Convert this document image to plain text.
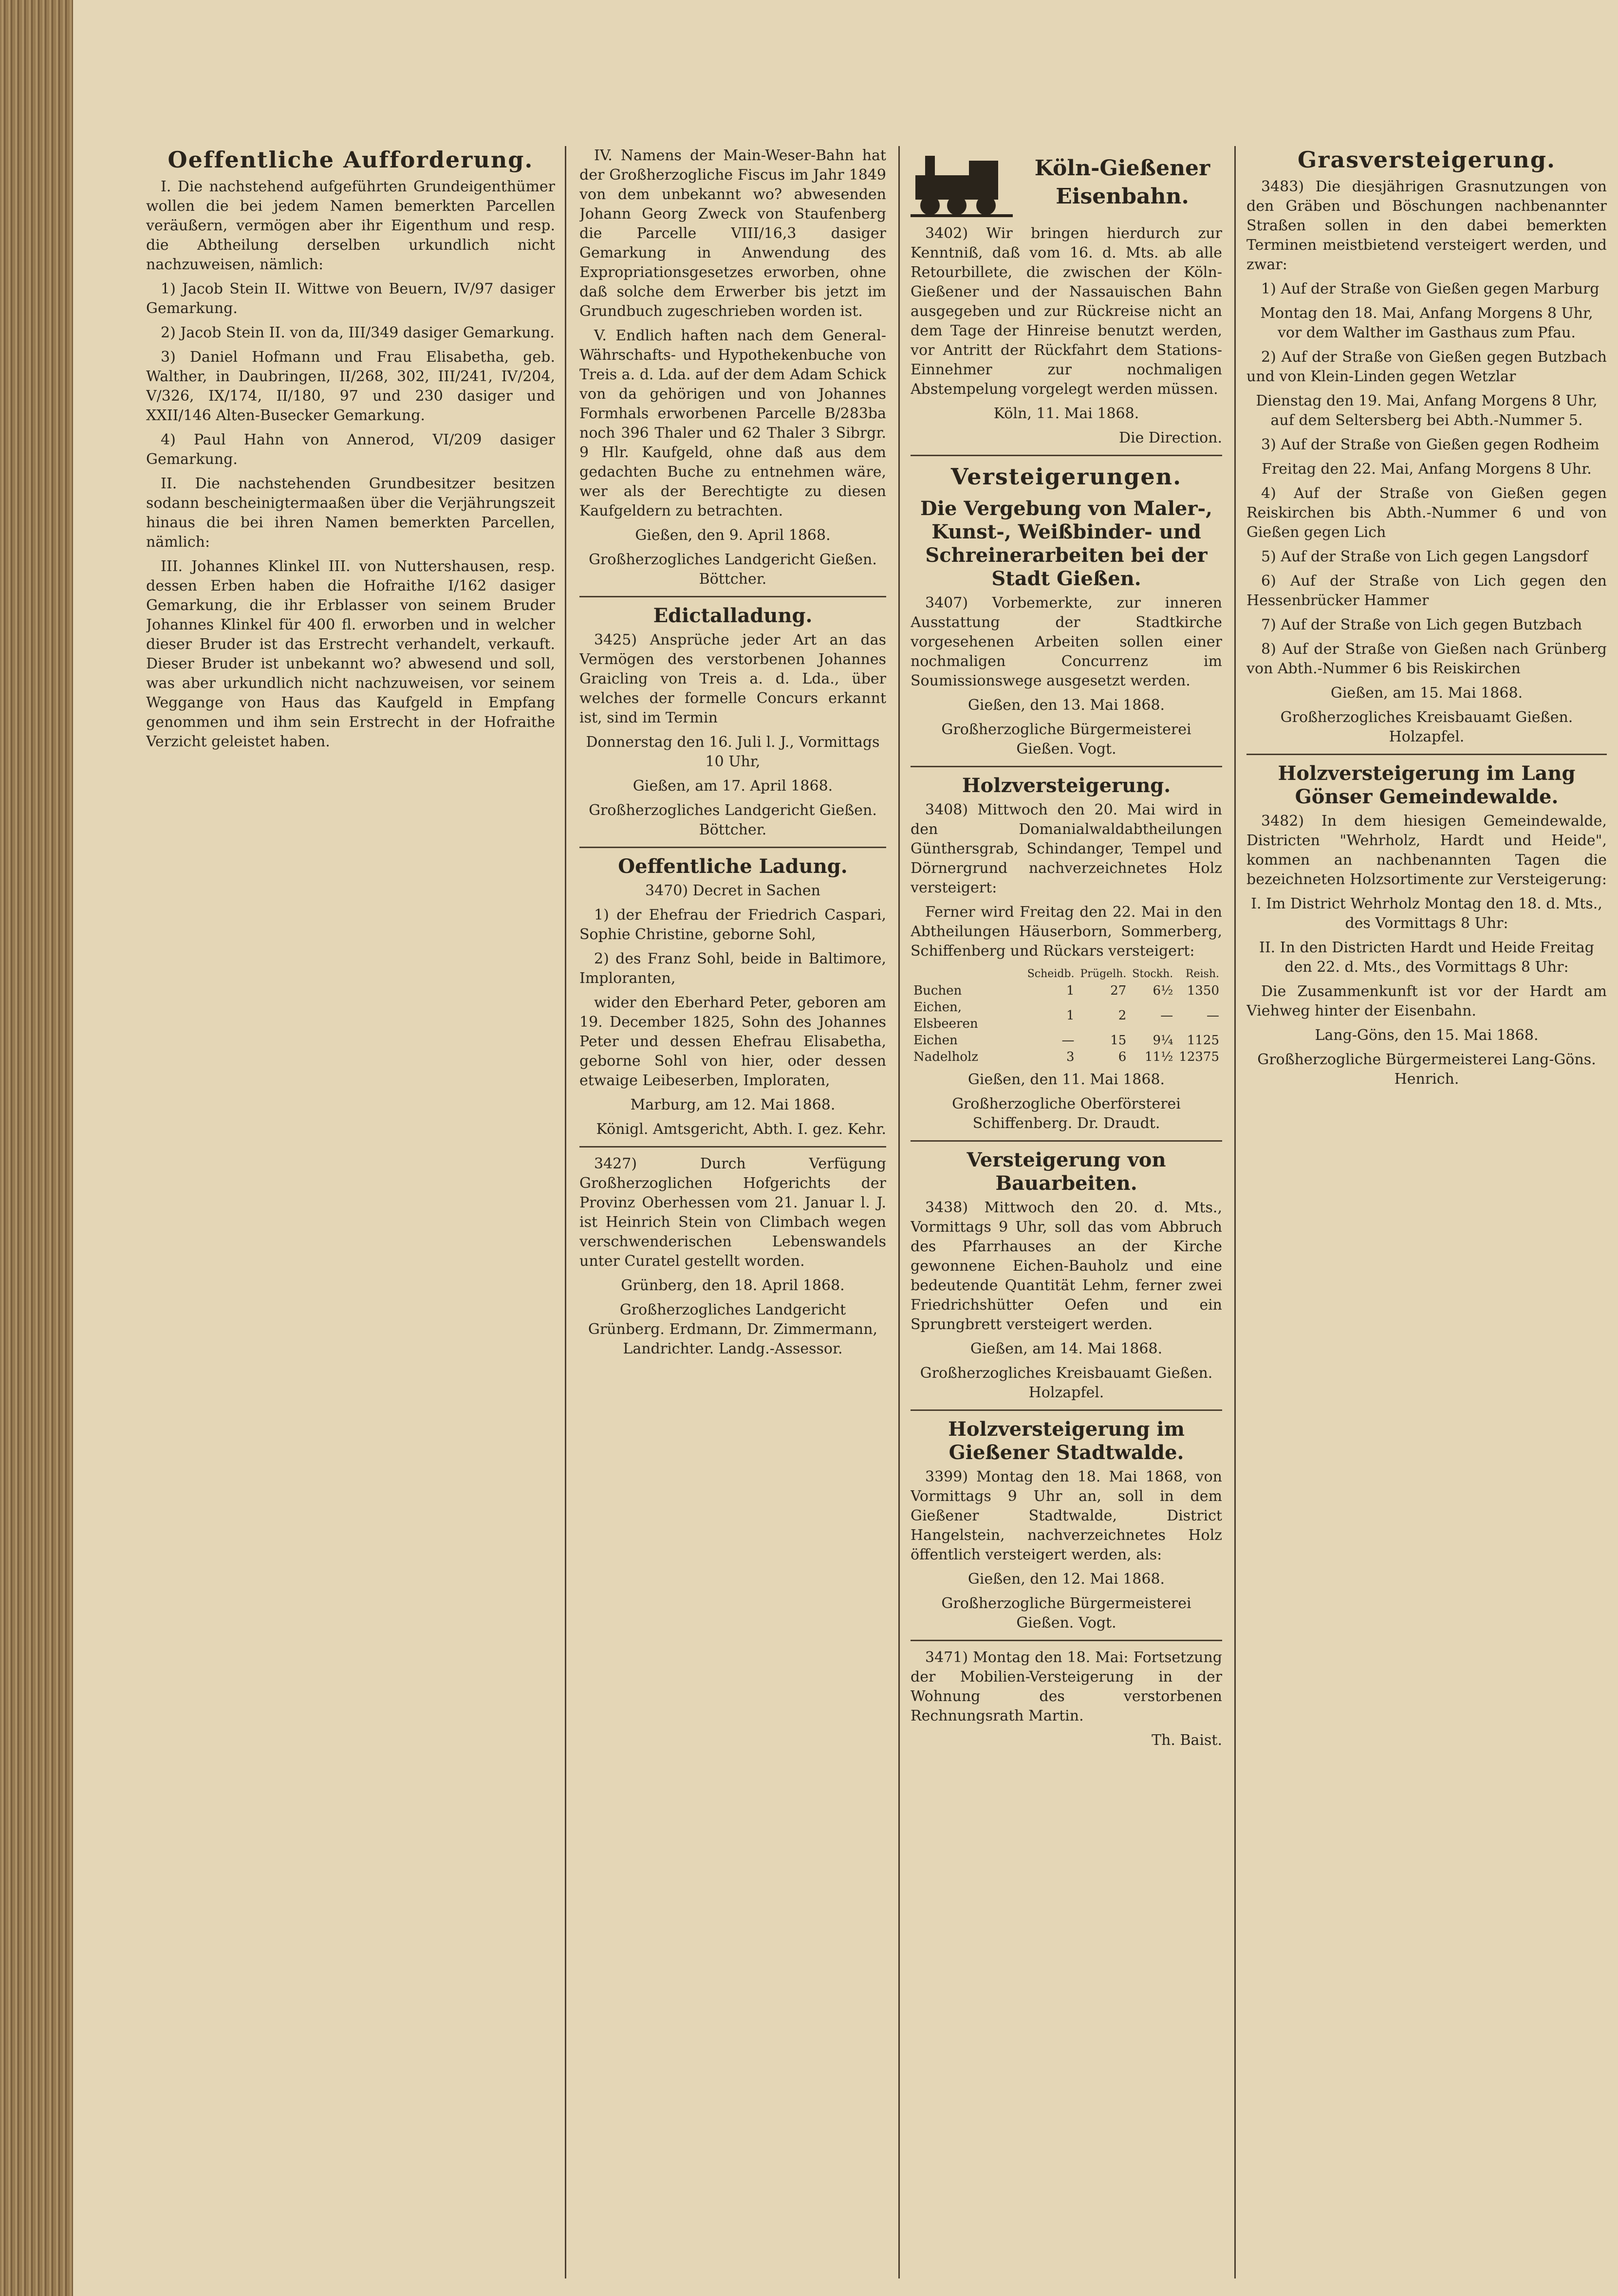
Oeffentliche Aufforderung.

I. Die nachstehend aufgeführten Grundeigenthümer wollen die bei jedem Namen bemerkten Parcellen veräußern, vermögen aber ihr Eigenthum und resp. die Abtheilung derselben urkundlich nicht nachzuweisen, nämlich:

1) Jacob Stein II. Wittwe von Beuern, IV/97 dasiger Gemarkung.

2) Jacob Stein II. von da, III/349 dasiger Gemarkung.

3) Daniel Hofmann und Frau Elisabetha, geb. Walther, in Daubringen, II/268, 302, III/241, IV/204, V/326, IX/174, II/180, 97 und 230 dasiger und XXII/146 Alten-Busecker Gemarkung.

4) Paul Hahn von Annerod, VI/209 dasiger Gemarkung.

II. Die nachstehenden Grundbesitzer besitzen sodann bescheinigtermaaßen über die Verjährungszeit hinaus die bei ihren Namen bemerkten Parcellen, nämlich:

III. Johannes Klinkel III. von Nuttershausen, resp. dessen Erben haben die Hofraithe I/162 dasiger Gemarkung, die ihr Erblasser von seinem Bruder Johannes Klinkel für 400 fl. erworben und in welcher dieser Bruder ist das Erstrecht verhandelt, verkauft. Dieser Bruder ist unbekannt wo? abwesend und soll, was aber urkundlich nicht nachzuweisen, vor seinem Weggange von Haus das Kaufgeld in Empfang genommen und ihm sein Erstrecht in der Hofraithe Verzicht geleistet haben.

IV. Namens der Main-Weser-Bahn hat der Großherzogliche Fiscus im Jahr 1849 von dem unbekannt wo? abwesenden Johann Georg Zweck von Staufenberg die Parcelle VIII/16,3 dasiger Gemarkung in Anwendung des Expropriationsgesetzes erworben, ohne daß solche dem Erwerber bis jetzt im Grundbuch zugeschrieben worden ist.

V. Endlich haften nach dem General-Währschafts- und Hypothekenbuche von Treis a. d. Lda. auf der dem Adam Schick von da gehörigen und von Johannes Formhals erworbenen Parcelle B/283ba noch 396 Thaler und 62 Thaler 3 Sibrgr. 9 Hlr. Kaufgeld, ohne daß aus dem gedachten Buche zu entnehmen wäre, wer als der Berechtigte zu diesen Kaufgeldern zu betrachten.

Gießen, den 9. April 1868.

Großherzogliches Landgericht Gießen. Böttcher.

Edictalladung.

3425) Ansprüche jeder Art an das Vermögen des verstorbenen Johannes Graicling von Treis a. d. Lda., über welches der formelle Concurs erkannt ist, sind im Termin

Donnerstag den 16. Juli l. J., Vormittags 10 Uhr,

Gießen, am 17. April 1868.

Großherzogliches Landgericht Gießen. Böttcher.

Oeffentliche Ladung.

3470) Decret in Sachen

1) der Ehefrau der Friedrich Caspari, Sophie Christine, geborne Sohl,

2) des Franz Sohl, beide in Baltimore, Imploranten,

wider den Eberhard Peter, geboren am 19. December 1825, Sohn des Johannes Peter und dessen Ehefrau Elisabetha, geborne Sohl von hier, oder dessen etwaige Leibeserben, Imploraten,

Marburg, am 12. Mai 1868.

Königl. Amtsgericht, Abth. I. gez. Kehr.

3427) Durch Verfügung Großherzoglichen Hofgerichts der Provinz Oberhessen vom 21. Januar l. J. ist Heinrich Stein von Climbach wegen verschwenderischen Lebenswandels unter Curatel gestellt worden.

Grünberg, den 18. April 1868.

Großherzogliches Landgericht Grünberg. Erdmann, Dr. Zimmermann, Landrichter. Landg.-Assessor.

Köln-Gießener Eisenbahn.

3402) Wir bringen hierdurch zur Kenntniß, daß vom 16. d. Mts. ab alle Retourbillete, die zwischen der Köln-Gießener und der Nassauischen Bahn ausgegeben und zur Rückreise nicht an dem Tage der Hinreise benutzt werden, vor Antritt der Rückfahrt dem Stations-Einnehmer zur nochmaligen Abstempelung vorgelegt werden müssen.

Köln, 11. Mai 1868.

Die Direction.

Versteigerungen.
Die Vergebung von Maler-, Kunst-, Weißbinder- und Schreinerarbeiten bei der Stadt Gießen.

3407) Vorbemerkte, zur inneren Ausstattung der Stadtkirche vorgesehenen Arbeiten sollen einer nochmaligen Concurrenz im Soumissionswege ausgesetzt werden.

Gießen, den 13. Mai 1868.

Großherzogliche Bürgermeisterei Gießen. Vogt.

Holzversteigerung.

3408) Mittwoch den 20. Mai wird in den Domanialwaldabtheilungen Günthersgrab, Schindanger, Tempel und Dörnergrund nachverzeichnetes Holz versteigert:

Ferner wird Freitag den 22. Mai in den Abtheilungen Häuserborn, Sommerberg, Schiffenberg und Rückars versteigert:

	Scheidb.	Prügelh.	Stockh.	Reish.
Buchen	1	27	6½	1350
Eichen, Elsbeeren	1	2	—	—
Eichen	—	15	9¼	1125
Nadelholz	3	6	11½	12375

Gießen, den 11. Mai 1868.

Großherzogliche Oberförsterei Schiffenberg. Dr. Draudt.

Versteigerung von Bauarbeiten.

3438) Mittwoch den 20. d. Mts., Vormittags 9 Uhr, soll das vom Abbruch des Pfarrhauses an der Kirche gewonnene Eichen-Bauholz und eine bedeutende Quantität Lehm, ferner zwei Friedrichshütter Oefen und ein Sprungbrett versteigert werden.

Gießen, am 14. Mai 1868.

Großherzogliches Kreisbauamt Gießen. Holzapfel.

Holzversteigerung im Gießener Stadtwalde.

3399) Montag den 18. Mai 1868, von Vormittags 9 Uhr an, soll in dem Gießener Stadtwalde, District Hangelstein, nachverzeichnetes Holz öffentlich versteigert werden, als:

Gießen, den 12. Mai 1868.

Großherzogliche Bürgermeisterei Gießen. Vogt.

3471) Montag den 18. Mai: Fortsetzung der Mobilien-Versteigerung in der Wohnung des verstorbenen Rechnungsrath Martin.

Th. Baist.

Grasversteigerung.

3483) Die diesjährigen Grasnutzungen von den Gräben und Böschungen nachbenannter Straßen sollen in den dabei bemerkten Terminen meistbietend versteigert werden, und zwar:

1) Auf der Straße von Gießen gegen Marburg

Montag den 18. Mai, Anfang Morgens 8 Uhr, vor dem Walther im Gasthaus zum Pfau.

2) Auf der Straße von Gießen gegen Butzbach und von Klein-Linden gegen Wetzlar

Dienstag den 19. Mai, Anfang Morgens 8 Uhr, auf dem Seltersberg bei Abth.-Nummer 5.

3) Auf der Straße von Gießen gegen Rodheim

Freitag den 22. Mai, Anfang Morgens 8 Uhr.

4) Auf der Straße von Gießen gegen Reiskirchen bis Abth.-Nummer 6 und von Gießen gegen Lich

5) Auf der Straße von Lich gegen Langsdorf

6) Auf der Straße von Lich gegen den Hessenbrücker Hammer

7) Auf der Straße von Lich gegen Butzbach

8) Auf der Straße von Gießen nach Grünberg von Abth.-Nummer 6 bis Reiskirchen

Gießen, am 15. Mai 1868.

Großherzogliches Kreisbauamt Gießen. Holzapfel.

Holzversteigerung im Lang Gönser Gemeindewalde.

3482) In dem hiesigen Gemeindewalde, Districten "Wehrholz, Hardt und Heide", kommen an nachbenannten Tagen die bezeichneten Holzsortimente zur Versteigerung:

I. Im District Wehrholz Montag den 18. d. Mts., des Vormittags 8 Uhr:

II. In den Districten Hardt und Heide Freitag den 22. d. Mts., des Vormittags 8 Uhr:

Die Zusammenkunft ist vor der Hardt am Viehweg hinter der Eisenbahn.

Lang-Göns, den 15. Mai 1868.

Großherzogliche Bürgermeisterei Lang-Göns. Henrich.
